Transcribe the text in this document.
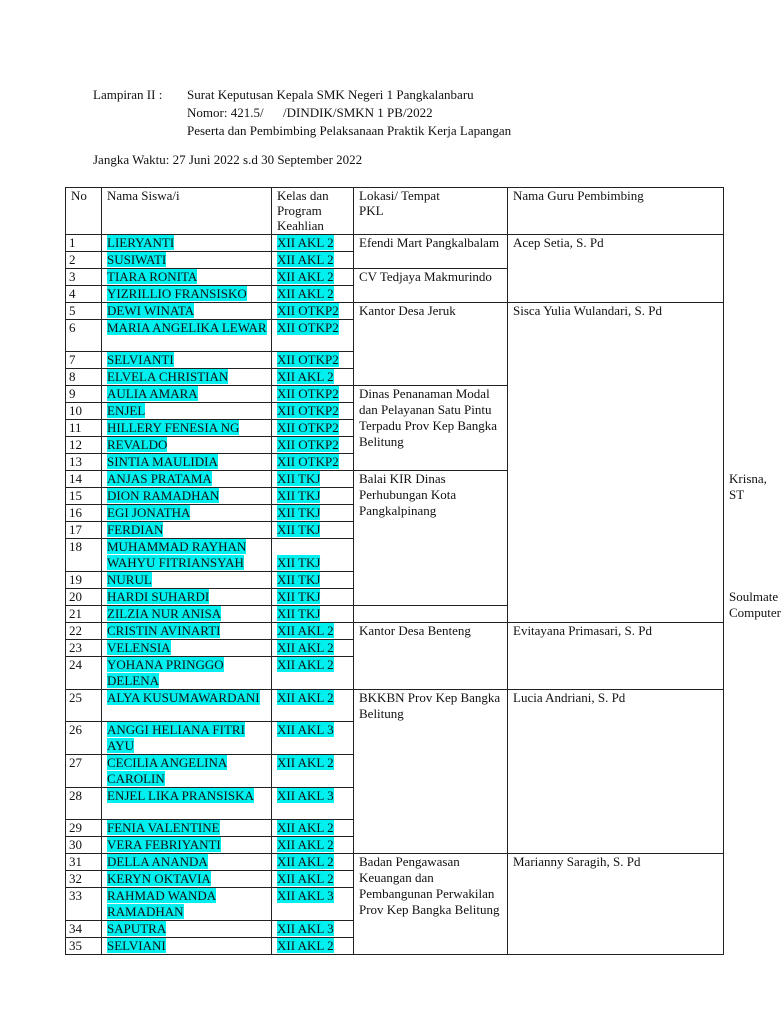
Lampiran II :	Surat Keputusan Kepala SMK Negeri 1 Pangkalanbaru
Nomor: 421.5/      /DINDIK/SMKN 1 PB/2022
Peserta dan Pembimbing Pelaksanaan Praktik Kerja Lapangan
Jangka Waktu: 27 Juni 2022 s.d 30 September 2022
No	Nama Siswa/i	Kelas dan Program Keahlian	Lokasi/ Tempat PKL	Nama Guru Pembimbing	
1	LIERYANTI	XII AKL 2	Efendi Mart Pangkalbalam	Acep Setia, S. Pd	
2	SUSIWATI	XII AKL 2			
3	TIARA RONITA	XII AKL 2	CV Tedjaya Makmurindo		
4	YIZRILLIO FRANSISKO	XII AKL 2			
5	DEWI WINATA	XII OTKP2	Kantor Desa Jeruk	Sisca Yulia Wulandari, S. Pd	
6	MARIA ANGELIKA LEWAR	XII OTKP2			
7	SELVIANTI	XII OTKP2			
8	ELVELA CHRISTIAN	XII AKL 2			
9	AULIA AMARA	XII OTKP2	Dinas Penanaman Modal dan Pelayanan Satu Pintu Terpadu Prov Kep Bangka Belitung		
10	ENJEL	XII OTKP2			
11	HILLERY FENESIA NG	XII OTKP2			
12	REVALDO	XII OTKP2			
13	SINTIA MAULIDIA	XII OTKP2			
14	ANJAS PRATAMA	XII TKJ	Balai KIR Dinas Perhubungan Kota Pangkalpinang		Krisna, ST
15	DION RAMADHAN	XII TKJ			
16	EGI JONATHA	XII TKJ			
17	FERDIAN	XII TKJ			
18	MUHAMMAD RAYHAN WAHYU FITRIANSYAH	XII TKJ			
19	NURUL	XII TKJ			
20	HARDI SUHARDI	XII TKJ			Soulmate Computer
21	ZILZIA NUR ANISA	XII TKJ			
22	CRISTIN AVINARTI	XII AKL 2	Kantor Desa Benteng	Evitayana Primasari, S. Pd	
23	VELENSIA	XII AKL 2			
24	YOHANA PRINGGO DELENA	XII AKL 2			
25	ALYA KUSUMAWARDANI	XII AKL 2	BKKBN Prov Kep Bangka Belitung	Lucia Andriani, S. Pd	
26	ANGGI HELIANA FITRI AYU	XII AKL 3			
27	CECILIA ANGELINA CAROLIN	XII AKL 2			
28	ENJEL LIKA PRANSISKA	XII AKL 3			
29	FENIA VALENTINE	XII AKL 2			
30	VERA FEBRIYANTI	XII AKL 2			
31	DELLA ANANDA	XII AKL 2	Badan Pengawasan Keuangan dan Pembangunan Perwakilan Prov Kep Bangka Belitung	Marianny Saragih, S. Pd	
32	KERYN OKTAVIA	XII AKL 2			
33	RAHMAD WANDA RAMADHAN	XII AKL 3			
34	SAPUTRA	XII AKL 3			
35	SELVIANI	XII AKL 2			
